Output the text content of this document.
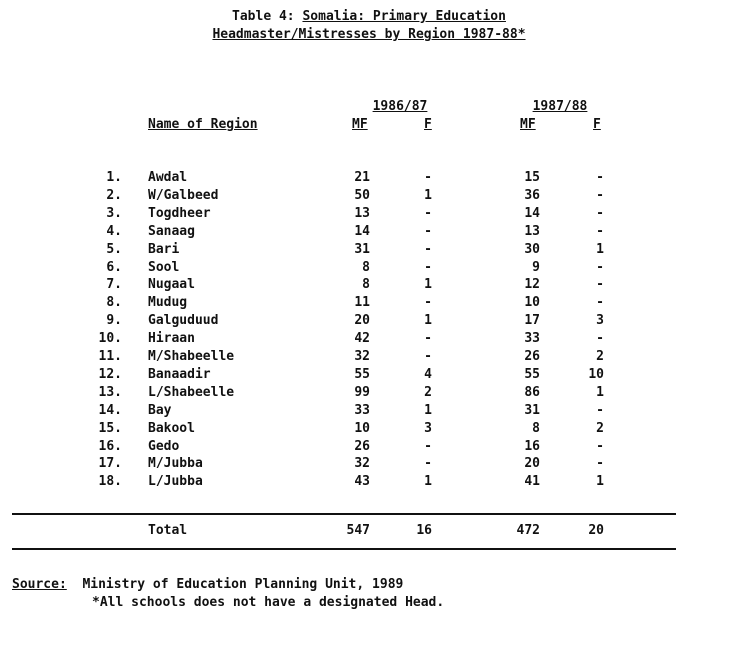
Table 4: Somalia: Primary Education
Headmaster/Mistresses by Region 1987-88*
1986/87	1987/88
Name of Region	MF	F	MF	F
1. Awdal	21	-	15	-
2. W/Galbeed	50	1	36	-
3. Togdheer	13	-	14	-
4. Sanaag	14	-	13	-
5. Bari	31	-	30	1
6. Sool	8	-	9	-
7. Nugaal	8	1	12	-
8. Mudug	11	-	10	-
9. Galguduud	20	1	17	3
10. Hiraan	42	-	33	-
11. M/Shabeelle	32	-	26	2
12. Banaadir	55	4	55	10
13. L/Shabeelle	99	2	86	1
14. Bay	33	1	31	-
15. Bakool	10	3	8	2
16. Gedo	26	-	16	-
17. M/Jubba	32	-	20	-
18. L/Jubba	43	1	41	1
Total	547	16	472	20
Source: Ministry of Education Planning Unit, 1989
*All schools does not have a designated Head.
